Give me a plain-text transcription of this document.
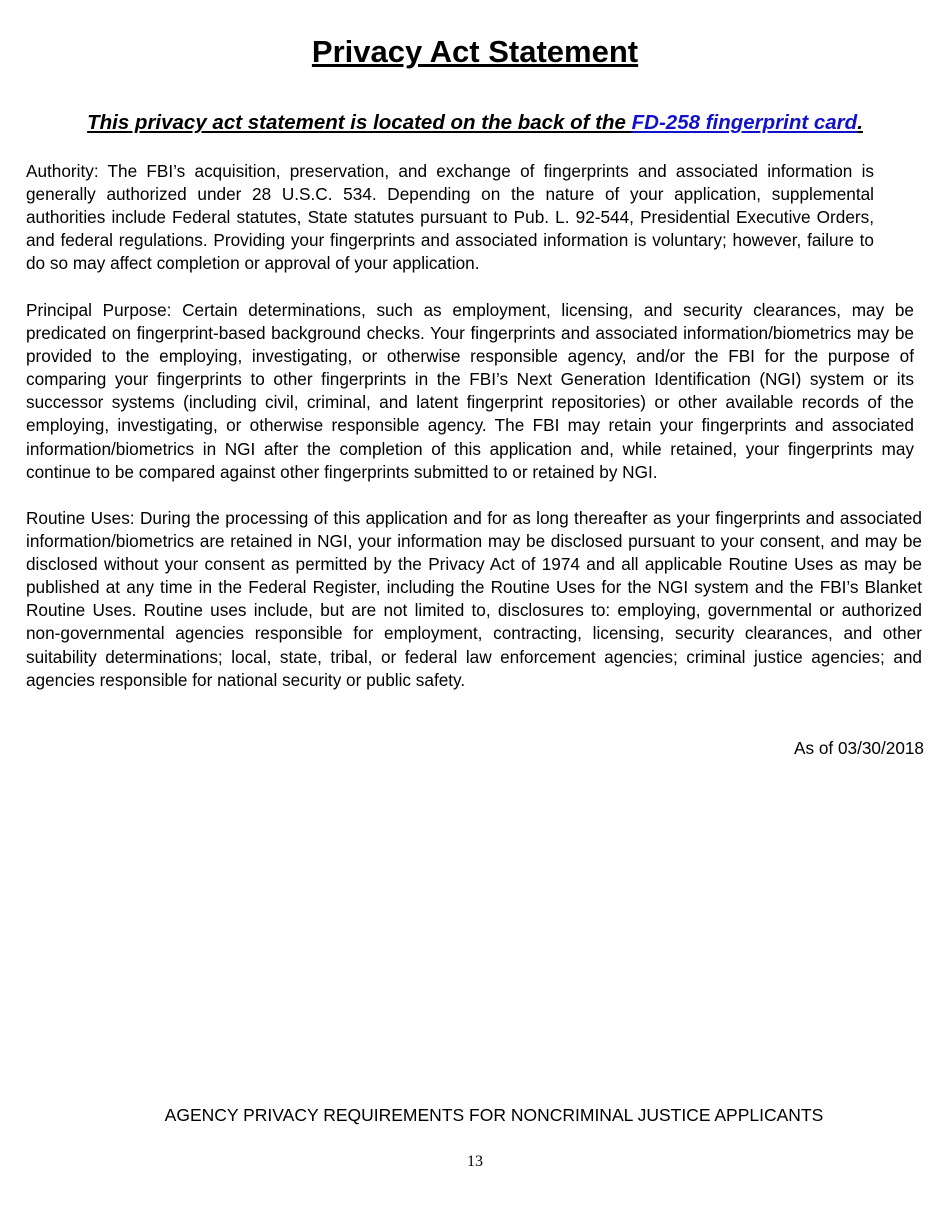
Privacy Act Statement
This privacy act statement is located on the back of the FD-258 fingerprint card.

Authority: The FBI’s acquisition, preservation, and exchange of fingerprints and associated information is generally authorized under 28 U.S.C. 534. Depending on the nature of your application, supplemental authorities include Federal statutes, State statutes pursuant to Pub. L. 92-544, Presidential Executive Orders, and federal regulations. Providing your fingerprints and associated information is voluntary; however, failure to do so may affect completion or approval of your application.

Principal Purpose: Certain determinations, such as employment, licensing, and security clearances, may be predicated on fingerprint-based background checks. Your fingerprints and associated information/biometrics may be provided to the employing, investigating, or otherwise responsible agency, and/or the FBI for the purpose of comparing your fingerprints to other fingerprints in the FBI’s Next Generation Identification (NGI) system or its successor systems (including civil, criminal, and latent fingerprint repositories) or other available records of the employing, investigating, or otherwise responsible agency. The FBI may retain your fingerprints and associated information/biometrics in NGI after the completion of this application and, while retained, your fingerprints may continue to be compared against other fingerprints submitted to or retained by NGI.

Routine Uses: During the processing of this application and for as long thereafter as your fingerprints and associated information/biometrics are retained in NGI, your information may be disclosed pursuant to your consent, and may be disclosed without your consent as permitted by the Privacy Act of 1974 and all applicable Routine Uses as may be published at any time in the Federal Register, including the Routine Uses for the NGI system and the FBI’s Blanket Routine Uses. Routine uses include, but are not limited to, disclosures to: employing, governmental or authorized non-governmental agencies responsible for employment, contracting, licensing, security clearances, and other suitability determinations; local, state, tribal, or federal law enforcement agencies; criminal justice agencies; and agencies responsible for national security or public safety.

As of 03/30/2018
AGENCY PRIVACY REQUIREMENTS FOR NONCRIMINAL JUSTICE APPLICANTS
13
